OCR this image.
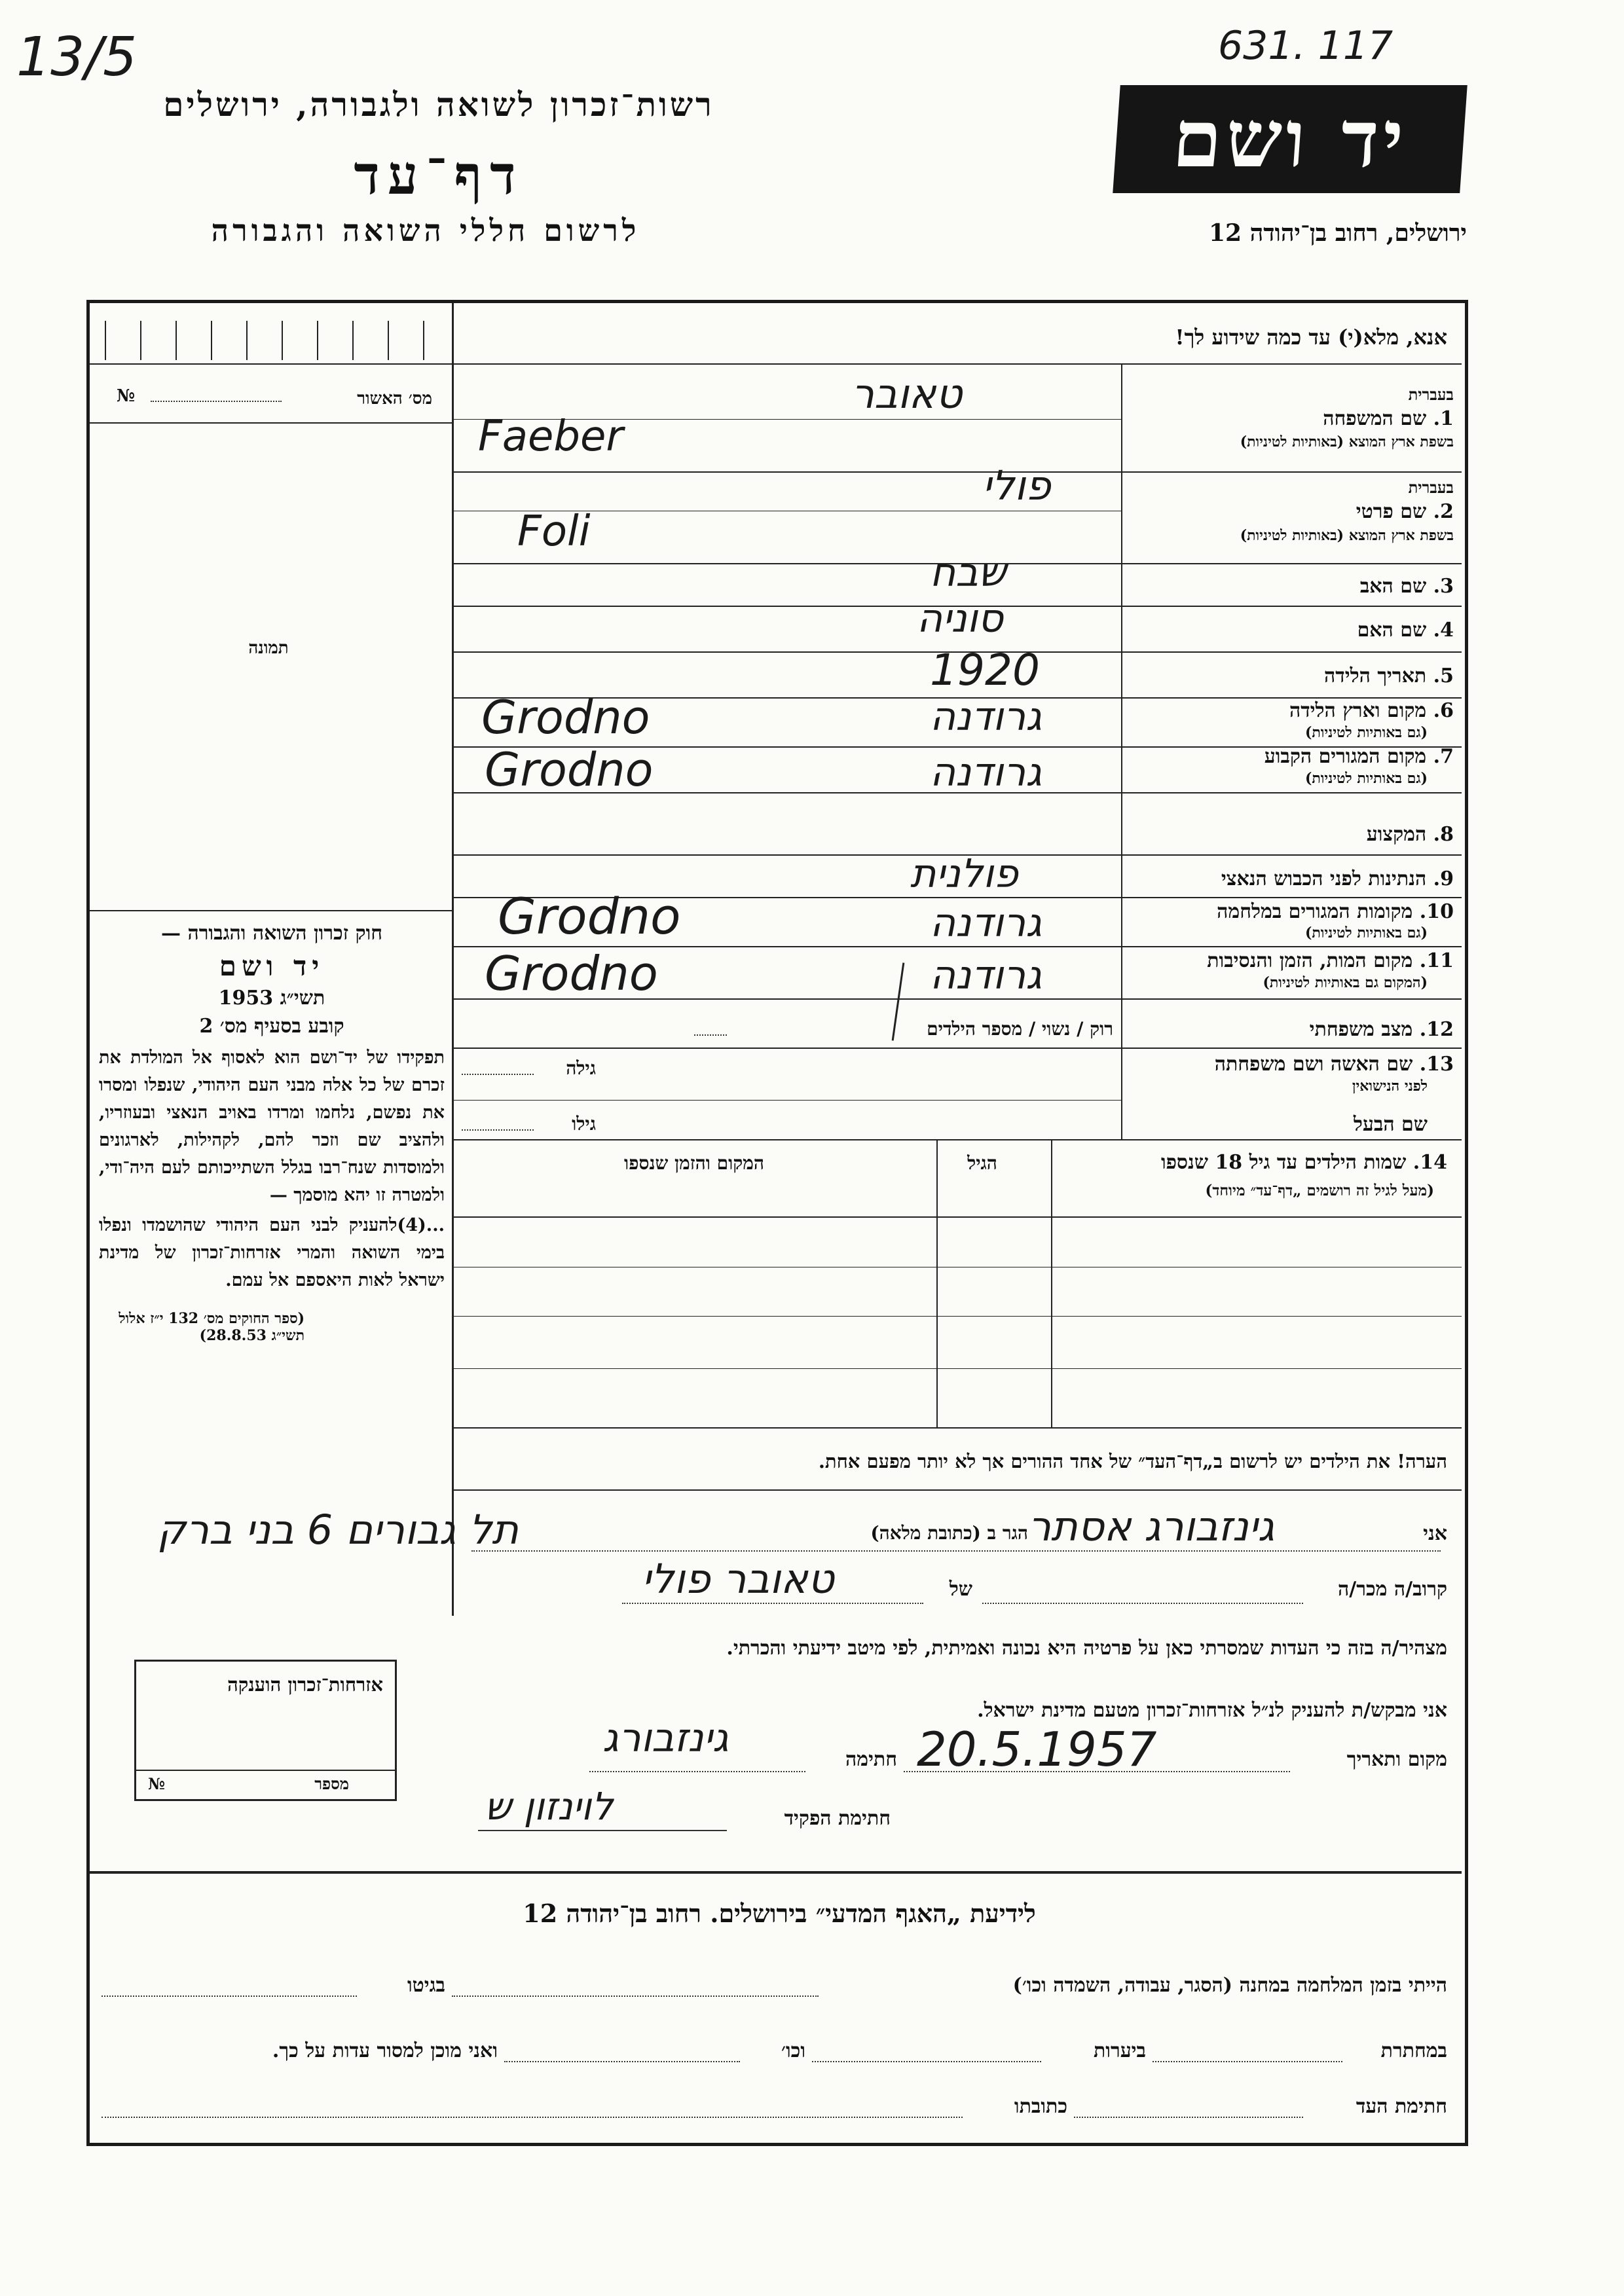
13/5	631. 117
רשות־זכרון לשואה ולגבורה, ירושלים
דף־עד
לרשום חללי השואה והגבורה
יד ושם
ירושלים, רחוב בן־יהודה 12
אנא, מלא(י) עד כמה שידוע לך!
מס׳ האשור
№
תמונה
בעברית
1. שם המשפחה
בשפת ארץ המוצא (באותיות לטיניות)
בעברית
2. שם פרטי
בשפת ארץ המוצא (באותיות לטיניות)
3. שם האב
4. שם האם
5. תאריך הלידה
6. מקום וארץ הלידה
(גם באותיות לטיניות)
7. מקום המגורים הקבוע
(גם באותיות לטיניות)
8. המקצוע
9. הנתינות לפני הכבוש הנאצי
10. מקומות המגורים במלחמה
(גם באותיות לטיניות)
11. מקום המות, הזמן והנסיבות
(המקום גם באותיות לטיניות)
12. מצב משפחתי
13. שם האשה ושם משפחתה
לפני הנישואין
שם הבעל
טאובר
Faeber
פולי
Foli
שבח
סוניה
1920
גרודנה
Grodno
גרודנה
Grodno
פולנית
גרודנה
Grodno
גרודנה
Grodno
רוק / נשוי / מספר הילדים
גילה
גילו
14. שמות הילדים עד גיל 18 שנספו
(מעל לגיל זה רושמים „דף־עד״ מיוחד)
הגיל
המקום והזמן שנספו
הערה! את הילדים יש לרשום ב„דף־העד״ של אחד ההורים אך לא יותר מפעם אחת.
חוק זכרון השואה והגבורה —
יד ושם
תשי״ג 1953
קובע בסעיף מס׳ 2
תפקידו של יד־ושם הוא לאסוף אל המולדת את זכרם של כל אלה מבני העם היהודי, שנפלו ומסרו את נפשם, נלחמו ומרדו באויב הנאצי ובעוזריו, ולהציב שם וזכר להם, לקהילות, לארגונים ולמוסדות שנח־רבו בגלל השתייכותם לעם היה־ודי, ולמטרה זו יהא מוסמך —
...(4)להעניק לבני העם היהודי שהושמדו ונפלו בימי השואה והמרי אזרחות־זכרון של מדינת ישראל לאות היאספם אל עמם.
(ספר החוקים מס׳ 132 י״ז אלול תשי״ג 28.8.53)
אני
גינזבורג אסתר
הגר ב (כתובת מלאה)
תל גבורים 6 בני ברק
קרוב/ה מכר/ה
טאובר פולי	של
מצהיר/ה בזה כי העדות שמסרתי כאן על פרטיה היא נכונה ואמיתית, לפי מיטב ידיעתי והכרתי.
אני מבקש/ת להעניק לנ״ל אזרחות־זכרון מטעם מדינת ישראל.
מקום ותאריך
20.5.1957
חתימה
גינזבורג
חתימת הפקיד
לוינזון ש
אזרחות־זכרון הוענקה
מספר
№
לידיעת „האגף המדעי״ בירושלים. רחוב בן־יהודה 12
הייתי בזמן המלחמה במחנה (הסגר, עבודה, השמדה וכו׳)
בגיטו
במחתרת
ביערות
וכו׳
ואני מוכן למסור עדות על כך.
חתימת העד
כתובתו
